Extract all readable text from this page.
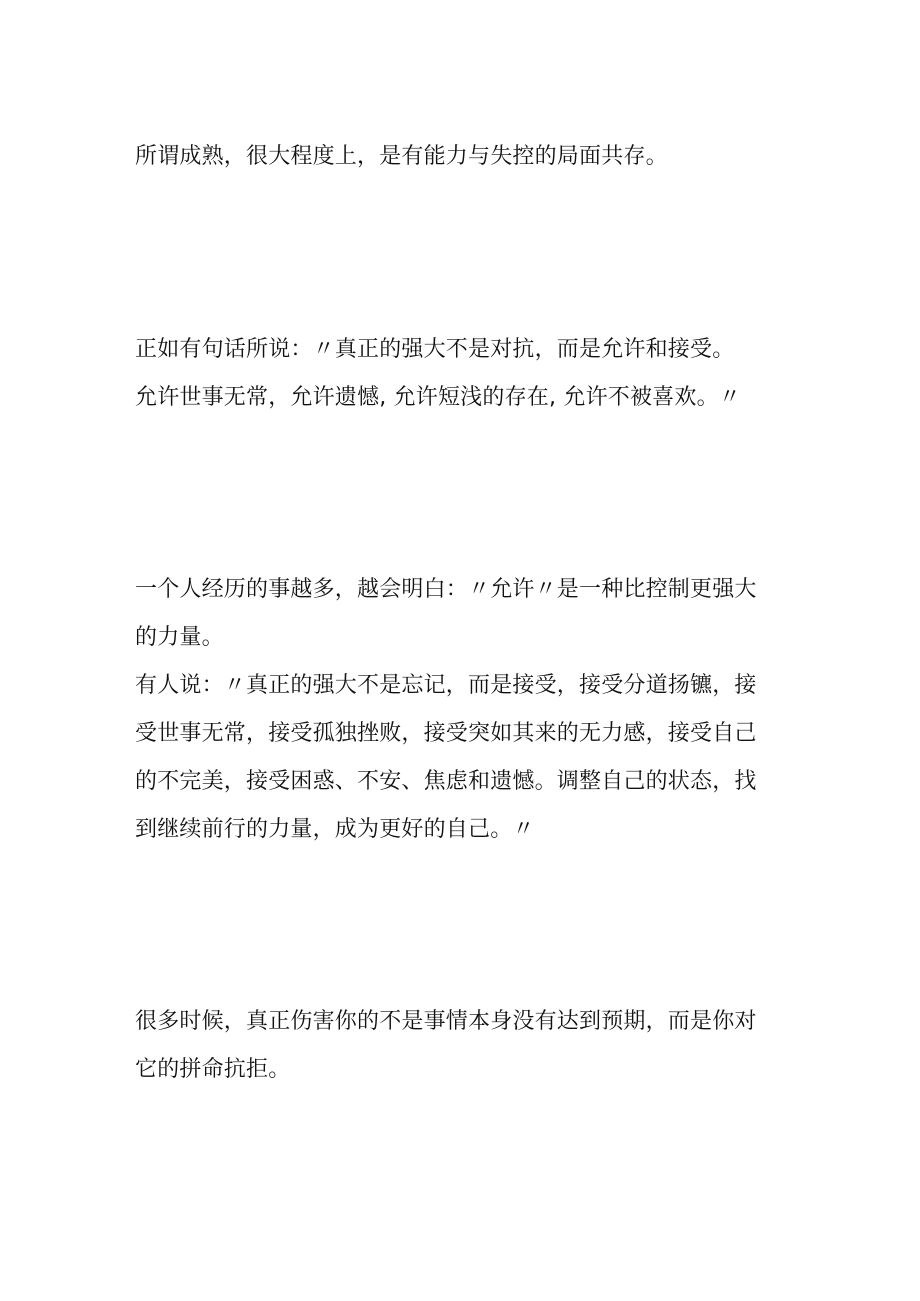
所谓成熟，很大程度上，是有能力与失控的局面共存。
正如有句话所说：〃真正的强大不是对抗，而是允许和接受。
允许世事无常，允许遗憾, 允许短浅的存在, 允许不被喜欢。〃
一个人经历的事越多，越会明白：〃允许〃是一种比控制更强大
的力量。
有人说：〃真正的强大不是忘记，而是接受，接受分道扬镳，接
受世事无常，接受孤独挫败，接受突如其来的无力感，接受自己
的不完美，接受困惑、不安、焦虑和遗憾。调整自己的状态，找
到继续前行的力量，成为更好的自己。〃
很多时候，真正伤害你的不是事情本身没有达到预期，而是你对
它的拼命抗拒。
